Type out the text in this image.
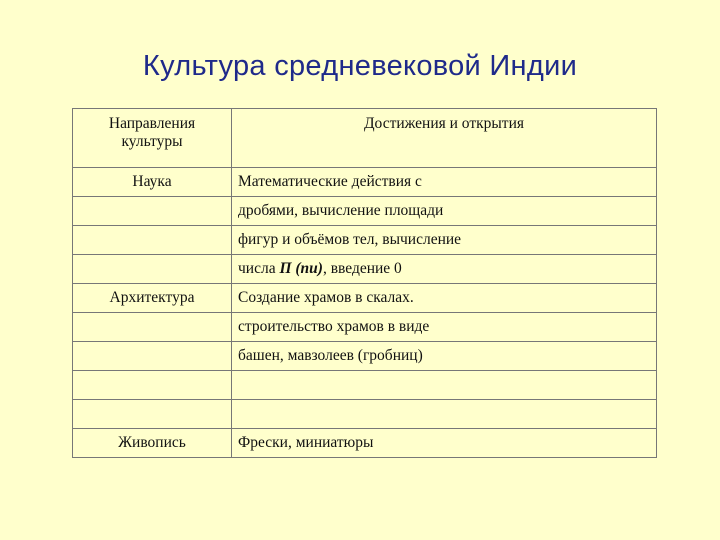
Культура средневековой Индии
Направления культуры	Достижения и открытия
Наука	Математические действия с
	дробями, вычисление площади
	фигур и объёмов тел, вычисление
	числа П (пи), введение 0
Архитектура	Создание храмов в скалах.
	строительство храмов в виде
	башен, мавзолеев (гробниц)

Живопись	Фрески, миниатюры
